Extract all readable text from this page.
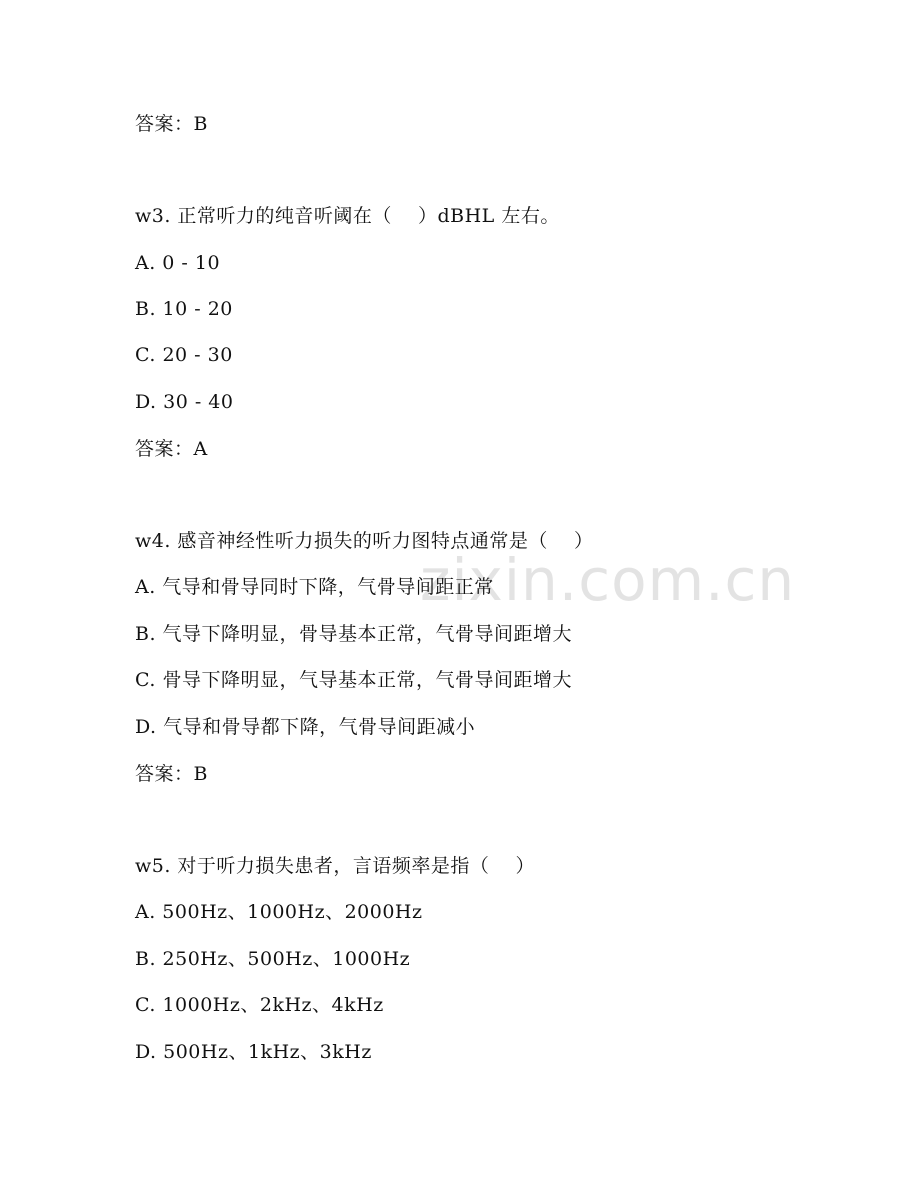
zixin.com.cn
答案：B
w3. 正常听力的纯音听阈在（　 ）dBHL 左右。
A. 0 - 10
B. 10 - 20
C. 20 - 30
D. 30 - 40
答案：A
w4. 感音神经性听力损失的听力图特点通常是（　 ）
A. 气导和骨导同时下降，气骨导间距正常
B. 气导下降明显，骨导基本正常，气骨导间距增大
C. 骨导下降明显，气导基本正常，气骨导间距增大
D. 气导和骨导都下降，气骨导间距减小
答案：B
w5. 对于听力损失患者，言语频率是指（　 ）
A. 500Hz、1000Hz、2000Hz
B. 250Hz、500Hz、1000Hz
C. 1000Hz、2kHz、4kHz
D. 500Hz、1kHz、3kHz
